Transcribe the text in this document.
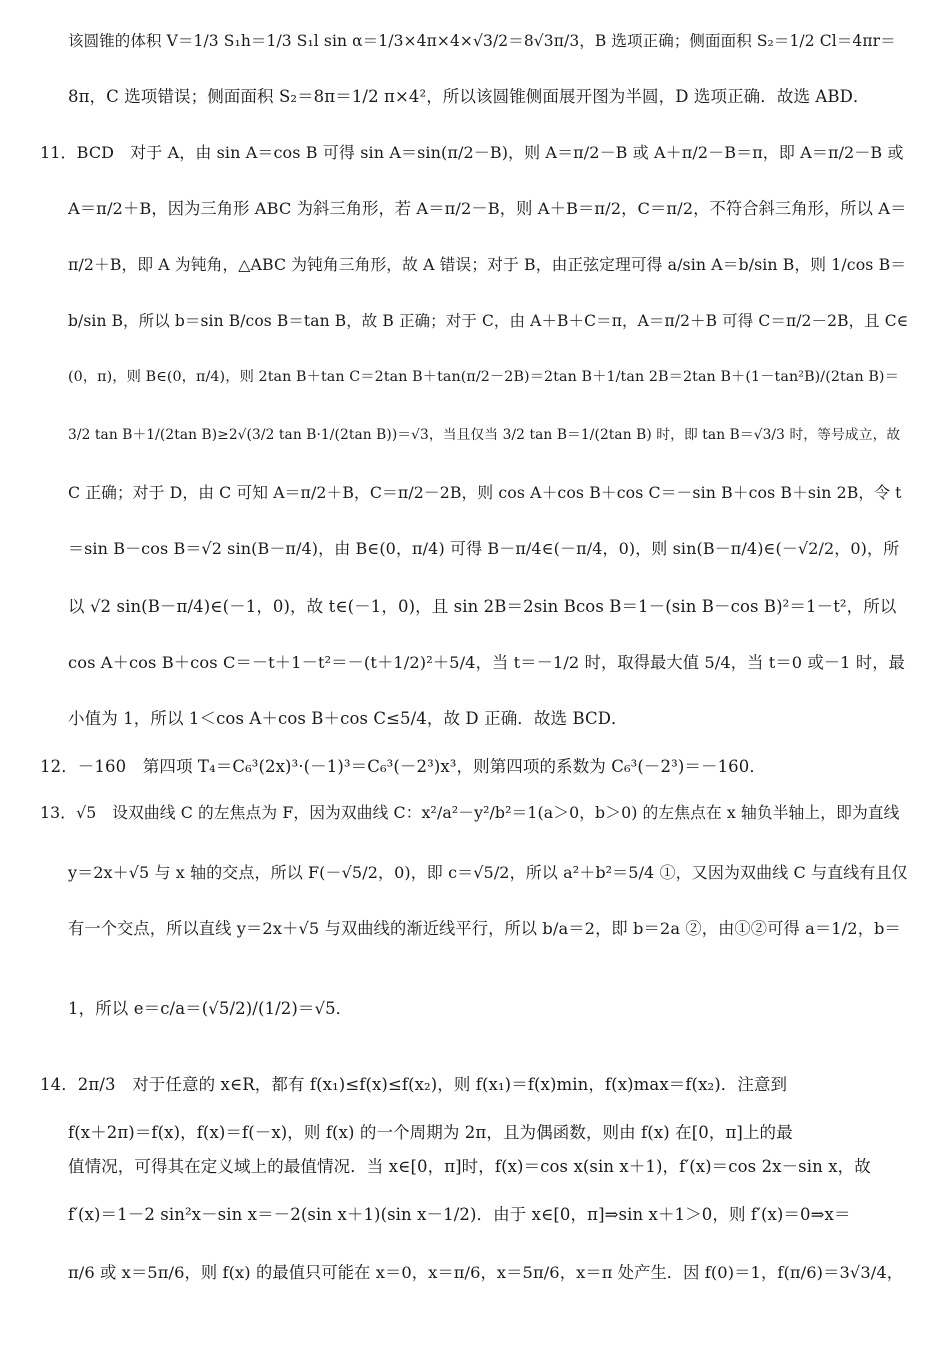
该圆锥的体积 V＝1/3 S₁h＝1/3 S₁l sin α＝1/3×4π×4×√3/2＝8√3π/3，B 选项正确；侧面面积 S₂＝1/2 Cl＝4πr＝
8π，C 选项错误；侧面面积 S₂＝8π＝1/2 π×4²，所以该圆锥侧面展开图为半圆，D 选项正确．故选 ABD．
11．BCD　对于 A，由 sin A＝cos B 可得 sin A＝sin(π/2－B)，则 A＝π/2－B 或 A＋π/2－B＝π，即 A＝π/2－B 或
A＝π/2＋B，因为三角形 ABC 为斜三角形，若 A＝π/2－B，则 A＋B＝π/2，C＝π/2，不符合斜三角形，所以 A＝
π/2＋B，即 A 为钝角，△ABC 为钝角三角形，故 A 错误；对于 B，由正弦定理可得 a/sin A＝b/sin B，则 1/cos B＝
b/sin B，所以 b＝sin B/cos B＝tan B，故 B 正确；对于 C，由 A＋B＋C＝π，A＝π/2＋B 可得 C＝π/2－2B，且 C∈
(0，π)，则 B∈(0，π/4)，则 2tan B＋tan C＝2tan B＋tan(π/2－2B)＝2tan B＋1/tan 2B＝2tan B＋(1－tan²B)/(2tan B)＝
3/2 tan B＋1/(2tan B)≥2√(3/2 tan B·1/(2tan B))＝√3，当且仅当 3/2 tan B＝1/(2tan B) 时，即 tan B＝√3/3 时，等号成立，故
C 正确；对于 D，由 C 可知 A＝π/2＋B，C＝π/2－2B，则 cos A＋cos B＋cos C＝－sin B＋cos B＋sin 2B，令 t
＝sin B－cos B＝√2 sin(B－π/4)，由 B∈(0，π/4) 可得 B－π/4∈(－π/4，0)，则 sin(B－π/4)∈(－√2/2，0)，所
以 √2 sin(B－π/4)∈(－1，0)，故 t∈(－1，0)，且 sin 2B＝2sin Bcos B＝1－(sin B－cos B)²＝1－t²，所以
cos A＋cos B＋cos C＝－t＋1－t²＝－(t＋1/2)²＋5/4，当 t＝－1/2 时，取得最大值 5/4，当 t＝0 或－1 时，最
小值为 1，所以 1＜cos A＋cos B＋cos C≤5/4，故 D 正确．故选 BCD．
12．－160　第四项 T₄＝C₆³(2x)³·(－1)³＝C₆³(－2³)x³，则第四项的系数为 C₆³(－2³)＝－160．
13．√5　设双曲线 C 的左焦点为 F，因为双曲线 C：x²/a²－y²/b²＝1(a＞0，b＞0) 的左焦点在 x 轴负半轴上，即为直线
y＝2x＋√5 与 x 轴的交点，所以 F(－√5/2，0)，即 c＝√5/2，所以 a²＋b²＝5/4 ①，又因为双曲线 C 与直线有且仅
有一个交点，所以直线 y＝2x＋√5 与双曲线的渐近线平行，所以 b/a＝2，即 b＝2a ②，由①②可得 a＝1/2，b＝
1，所以 e＝c/a＝(√5/2)/(1/2)＝√5．
14．2π/3　对于任意的 x∈R，都有 f(x₁)≤f(x)≤f(x₂)，则 f(x₁)＝f(x)min，f(x)max＝f(x₂)．注意到
f(x＋2π)＝f(x)，f(x)＝f(－x)，则 f(x) 的一个周期为 2π，且为偶函数，则由 f(x) 在[0，π]上的最
值情况，可得其在定义域上的最值情况．当 x∈[0，π]时，f(x)＝cos x(sin x＋1)，f′(x)＝cos 2x－sin x，故
f′(x)＝1－2 sin²x－sin x＝－2(sin x＋1)(sin x－1/2)．由于 x∈[0，π]⇒sin x＋1＞0，则 f′(x)＝0⇒x＝
π/6 或 x＝5π/6，则 f(x) 的最值只可能在 x＝0，x＝π/6，x＝5π/6，x＝π 处产生．因 f(0)＝1，f(π/6)＝3√3/4，
